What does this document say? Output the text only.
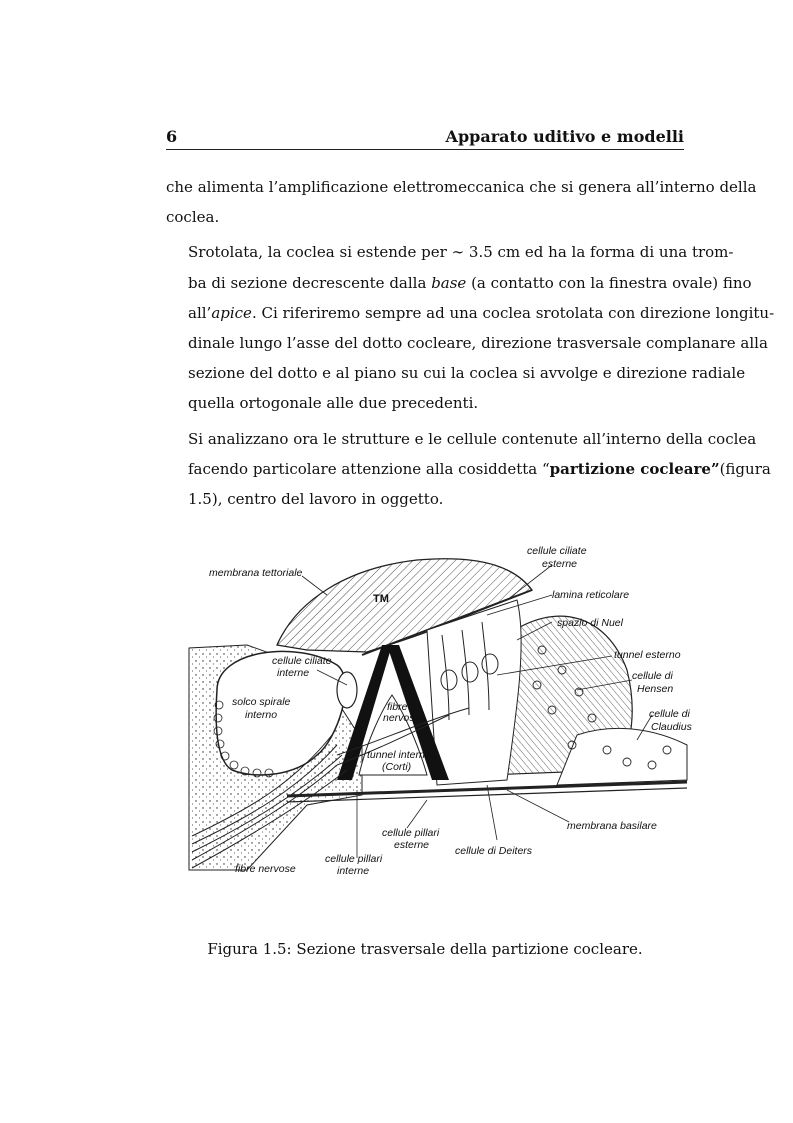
6	Apparato uditivo e modelli

che alimenta l’amplificazione elettromeccanica che si genera all’interno della
coclea.

Srotolata, la coclea si estende per ∼ 3.5 cm ed ha la forma di una trom-
ba di sezione decrescente dalla base (a contatto con la finestra ovale) fino
all’apice. Ci riferiremo sempre ad una coclea srotolata con direzione longitu-
dinale lungo l’asse del dotto cocleare, direzione trasversale complanare alla
sezione del dotto e al piano su cui la coclea si avvolge e direzione radiale
quella ortogonale alle due precedenti.

Si analizzano ora le strutture e le cellule contenute all’interno della coclea
facendo particolare attenzione alla cosiddetta “partizione cocleare”(figura
1.5), centro del lavoro in oggetto.

membrana tettoriale
TM
cellule ciliate
esterne
lamina reticolare
spazio di Nuel
tunnel esterno
cellule di
Hensen
cellule di
Claudius
cellule ciliate
interne
solco spirale
interno
fibre
nervose
tunnel interno
(Corti)
membrana basilare
cellule pillari
esterne cellule di Deiters
cellule pillari
interne
fibre nervose
Figura 1.5: Sezione trasversale della partizione cocleare.
